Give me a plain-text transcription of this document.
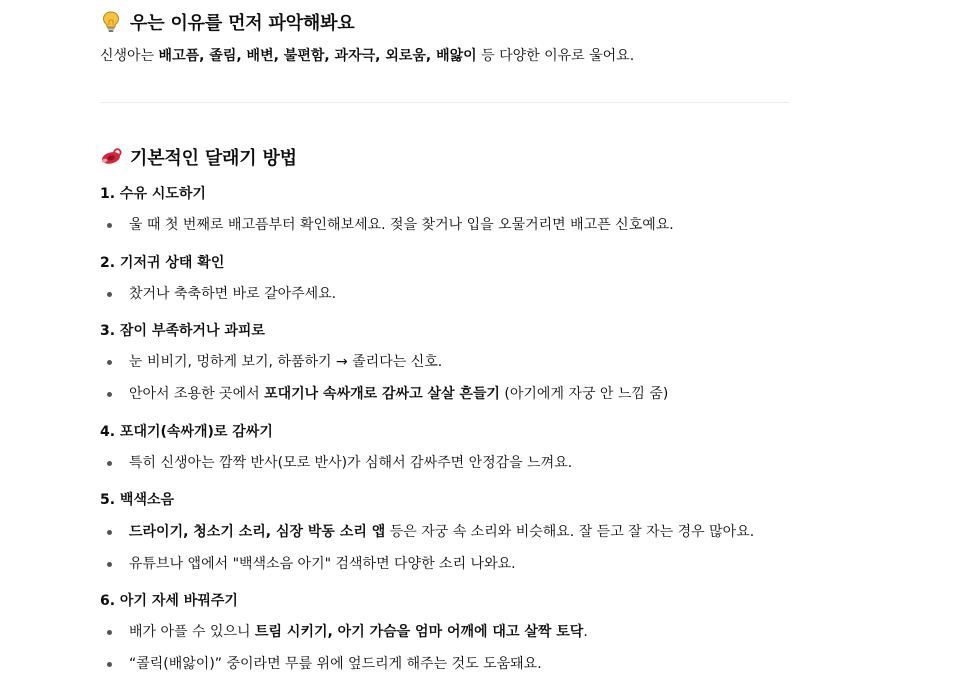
우는 이유를 먼저 파악해봐요
신생아는 배고픔, 졸림, 배변, 불편함, 과자극, 외로움, 배앓이 등 다양한 이유로 울어요.
기본적인 달래기 방법
1. 수유 시도하기
울 때 첫 번째로 배고픔부터 확인해보세요. 젖을 찾거나 입을 오물거리면 배고픈 신호예요.
2. 기저귀 상태 확인
찼거나 축축하면 바로 갈아주세요.
3. 잠이 부족하거나 과피로
눈 비비기, 멍하게 보기, 하품하기 → 졸리다는 신호.
안아서 조용한 곳에서 포대기나 속싸개로 감싸고 살살 흔들기 (아기에게 자궁 안 느낌 줌)
4. 포대기(속싸개)로 감싸기
특히 신생아는 깜짝 반사(모로 반사)가 심해서 감싸주면 안정감을 느껴요.
5. 백색소음
드라이기, 청소기 소리, 심장 박동 소리 앱 등은 자궁 속 소리와 비슷해요. 잘 듣고 잘 자는 경우 많아요.
유튜브나 앱에서 "백색소음 아기" 검색하면 다양한 소리 나와요.
6. 아기 자세 바꿔주기
배가 아플 수 있으니 트림 시키기, 아기 가슴을 엄마 어깨에 대고 살짝 토닥.
“콜릭(배앓이)” 중이라면 무릎 위에 엎드리게 해주는 것도 도움돼요.
